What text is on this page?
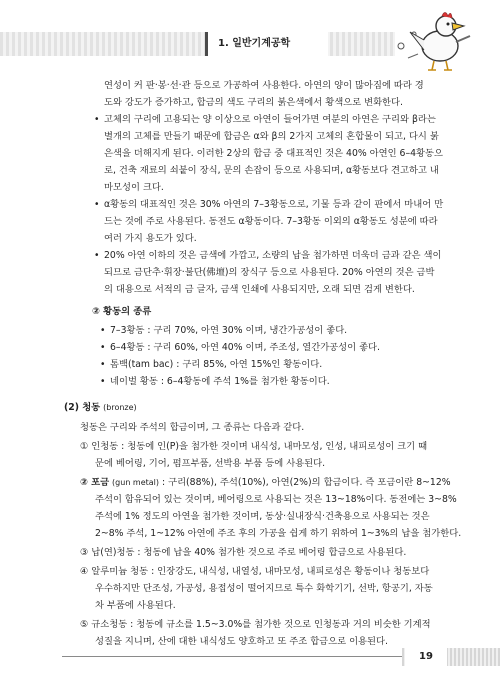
1. 일반기계공학
연성이 커 판·봉·선·관 등으로 가공하여 사용한다. 아연의 양이 많아짐에 따라 경
도와 강도가 증가하고, 합금의 색도 구리의 붉은색에서 황색으로 변화한다.
• 고체의 구리에 고용되는 양 이상으로 아연이 들어가면 여분의 아연은 구리와 β라는
별개의 고체를 만들기 때문에 합금은 α와 β의 2가지 고체의 혼합물이 되고, 다시 붉
은색을 더해지게 된다. 이러한 2상의 합금 중 대표적인 것은 40% 아연인 6–4황동으
로, 건축 재료의 쇠붙이 장식, 문의 손잡이 등으로 사용되며, α황동보다 견고하고 내
마모성이 크다.
• α황동의 대표적인 것은 30% 아연의 7–3황동으로, 기물 등과 같이 판에서 마내어 만
드는 것에 주로 사용된다. 동전도 α황동이다. 7–3황동 이외의 α황동도 성분에 따라
여러 가지 용도가 있다.
• 20% 아연 이하의 것은 금색에 가깝고, 소량의 납을 첨가하면 더욱더 금과 같은 색이
되므로 금단추·휘장·불단(佛壇)의 장식구 등으로 사용된다. 20% 아연의 것은 금박
의 대용으로 서적의 금 글자, 금색 인쇄에 사용되지만, 오래 되면 검게 변한다.
② 황동의 종류
• 7–3황동 : 구리 70%, 아연 30% 이며, 냉간가공성이 좋다.
• 6–4황동 : 구리 60%, 아연 40% 이며, 주조성, 열간가공성이 좋다.
• 톰백(tam bac) : 구리 85%, 아연 15%인 황동이다.
• 네이벌 황동 : 6–4황동에 주석 1%를 첨가한 황동이다.
(2) 청동 (bronze)
청동은 구리와 주석의 합금이며, 그 종류는 다음과 같다.
① 인청동 : 청동에 인(P)을 첨가한 것이며 내식성, 내마모성, 인성, 내피로성이 크기 때
문에 베어링, 기어, 펌프부품, 선박용 부품 등에 사용된다.
② 포금 (gun metal) : 구리(88%), 주석(10%), 아연(2%)의 합금이다. 즉 포금이란 8~12%
주석이 함유되어 있는 것이며, 베어링으로 사용되는 것은 13~18%이다. 동전에는 3~8%
주석에 1% 정도의 아연을 첨가한 것이며, 동상·실내장식·건축용으로 사용되는 것은
2~8% 주석, 1~12% 아연에 주조 후의 가공을 쉽게 하기 위하여 1~3%의 납을 첨가한다.
③ 납(연)청동 : 청동에 납을 40% 첨가한 것으로 주로 베어링 합금으로 사용된다.
④ 알루미늄 청동 : 인장강도, 내식성, 내열성, 내마모성, 내피로성은 황동이나 청동보다
우수하지만 단조성, 가공성, 용접성이 떨어지므로 특수 화학기기, 선박, 항공기, 자동
차 부품에 사용된다.
⑤ 규소청동 : 청동에 규소를 1.5~3.0%를 첨가한 것으로 인청동과 거의 비슷한 기계적
성질을 지니며, 산에 대한 내식성도 양호하고 또 주조 합금으로 이용된다.
19
